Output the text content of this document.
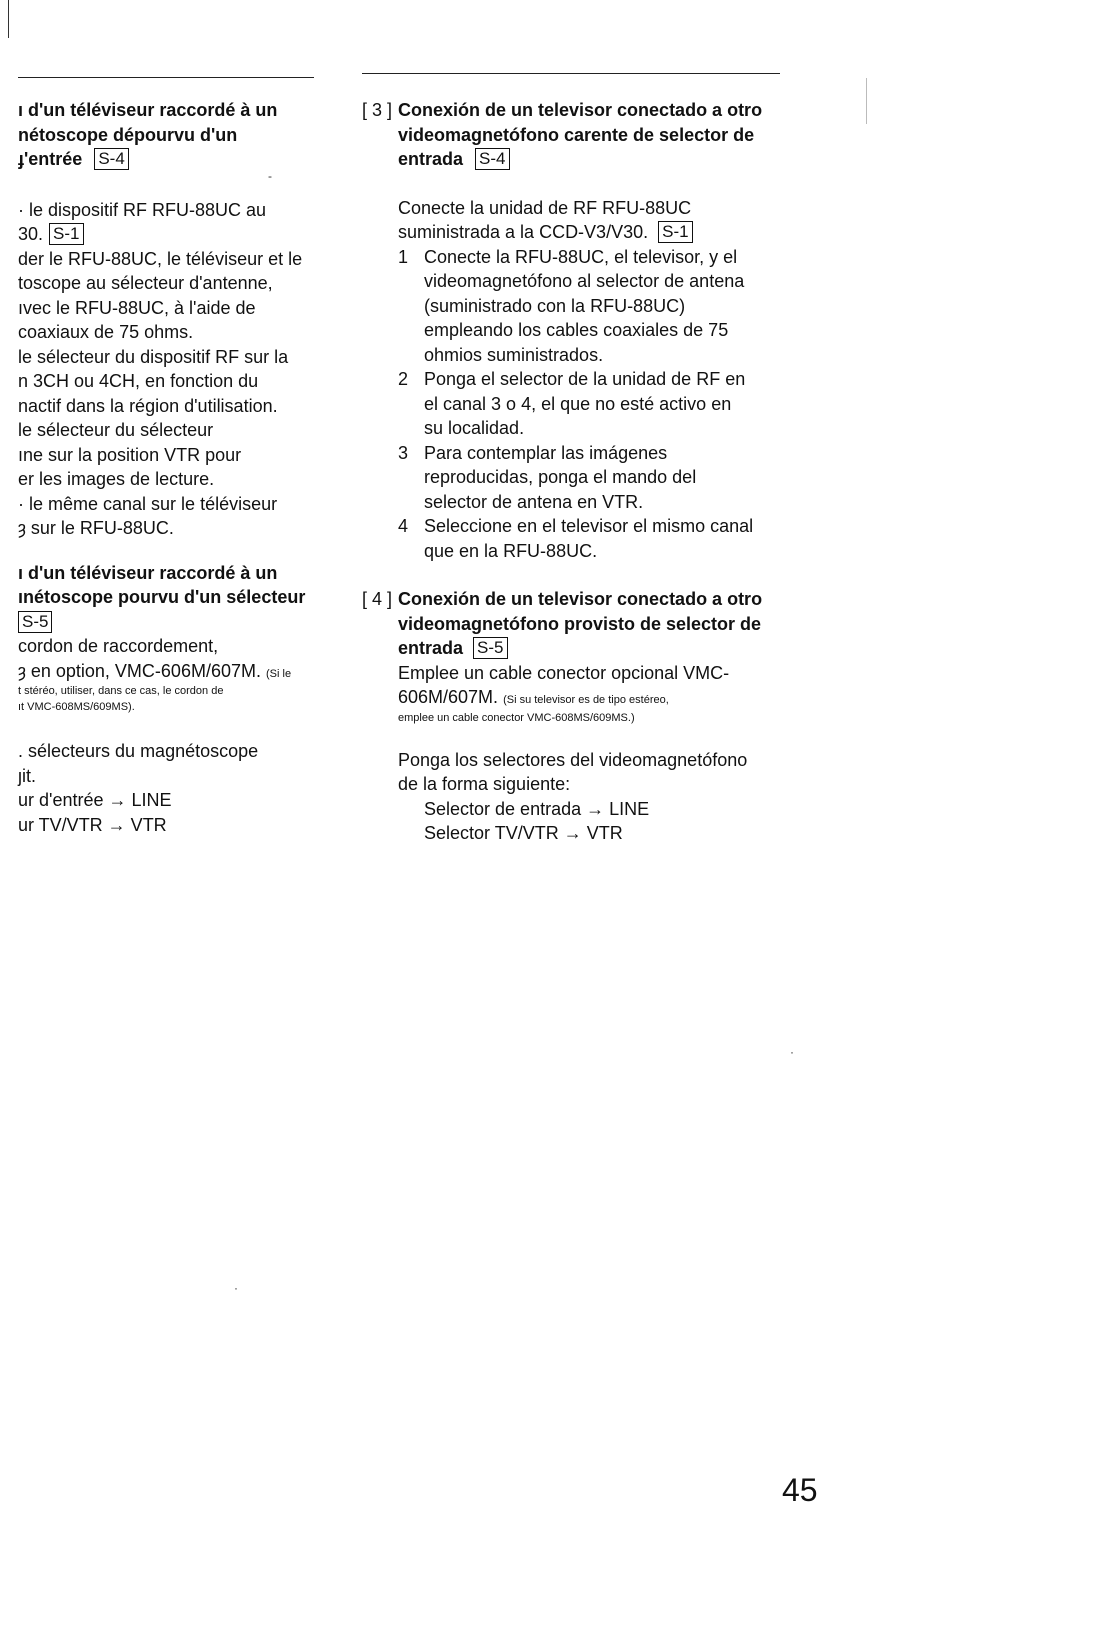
-
·
·
ı d'un téléviseur raccordé à un
nétoscope dépourvu d'un
ɟ'entrée S-4
· le dispositif RF RFU-88UC au
30. S-1
der le RFU-88UC, le téléviseur et le
toscope au sélecteur d'antenne,
ıvec le RFU-88UC, à l'aide de
coaxiaux de 75 ohms.
le sélecteur du dispositif RF sur la
n 3CH ou 4CH, en fonction du
nactif dans la région d'utilisation.
le sélecteur du sélecteur
ıne sur la position VTR pour
er les images de lecture.
· le même canal sur le téléviseur
ȝ sur le RFU-88UC.
ı d'un téléviseur raccordé à un
ınétoscope pourvu d'un sélecteur
S-5
cordon de raccordement,
ȝ en option, VMC-606M/607M. (Si le
t stéréo, utiliser, dans ce cas, le cordon de
ıt VMC-608MS/609MS).
. sélecteurs du magnétoscope
ȷit.
ur d'entrée → LINE
ur TV/VTR → VTR
[ 3 ] Conexión de un televisor conectado a otro
videomagnetófono carente de selector de
entrada S-4
Conecte la unidad de RF RFU-88UC
suministrada a la CCD-V3/V30. S-1
1 Conecte la RFU-88UC, el televisor, y el
videomagnetófono al selector de antena
(suministrado con la RFU-88UC)
empleando los cables coaxiales de 75
ohmios suministrados.
2 Ponga el selector de la unidad de RF en
el canal 3 o 4, el que no esté activo en
su localidad.
3 Para contemplar las imágenes
reproducidas, ponga el mando del
selector de antena en VTR.
4 Seleccione en el televisor el mismo canal
que en la RFU-88UC.
[ 4 ] Conexión de un televisor conectado a otro
videomagnetófono provisto de selector de
entrada S-5
Emplee un cable conector opcional VMC-
606M/607M. (Si su televisor es de tipo estéreo,
emplee un cable conector VMC-608MS/609MS.)
Ponga los selectores del videomagnetófono
de la forma siguiente:
Selector de entrada → LINE
Selector TV/VTR → VTR
45
